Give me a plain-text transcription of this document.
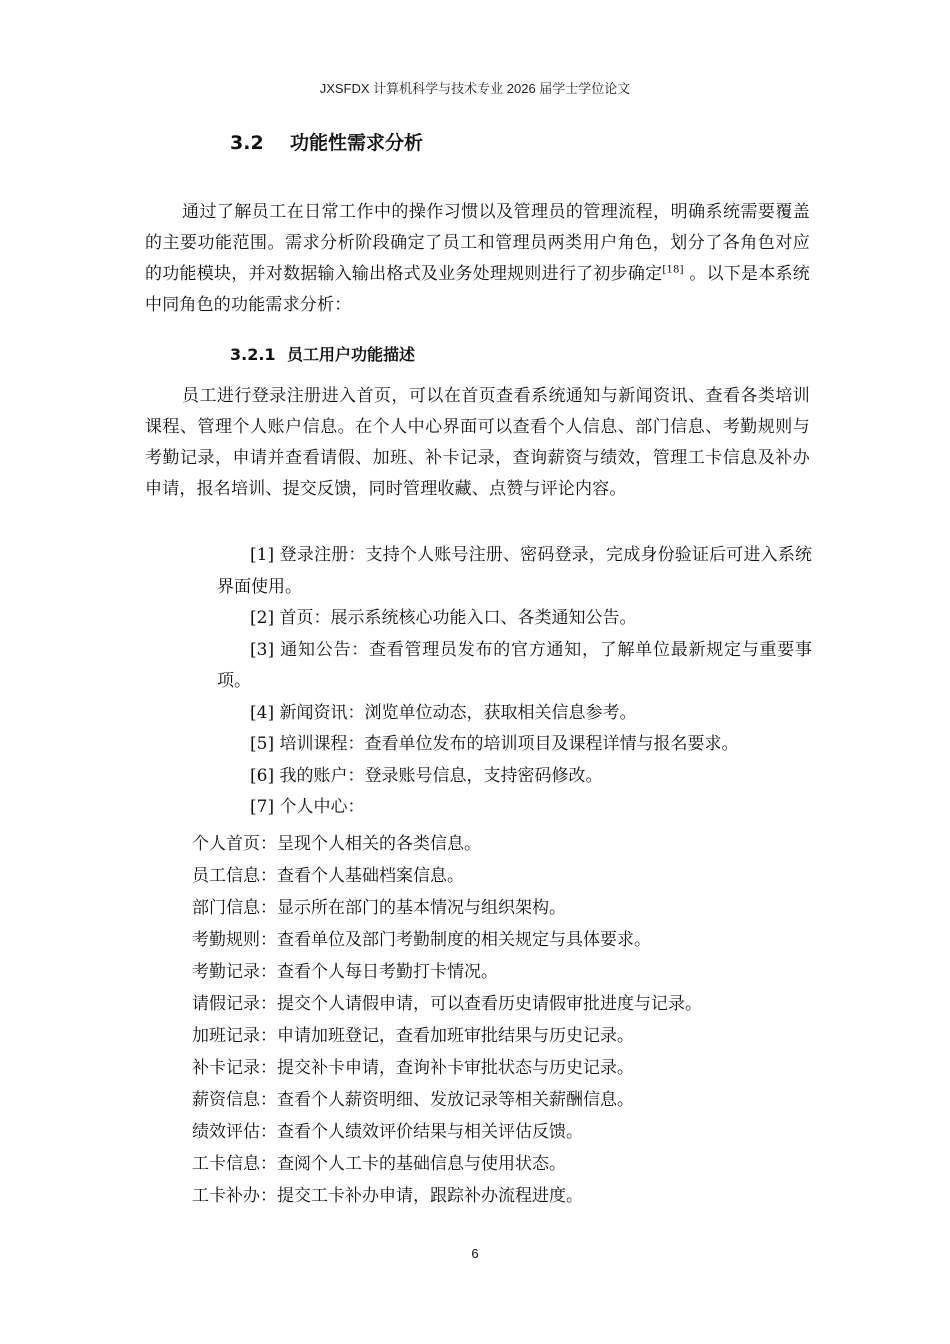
JXSFDX 计算机科学与技术专业 2026 届学士学位论文
3.2 功能性需求分析
通过了解员工在日常工作中的操作习惯以及管理员的管理流程，明确系统需要覆盖的主要功能范围。需求分析阶段确定了员工和管理员两类用户角色，划分了各角色对应的功能模块，并对数据输入输出格式及业务处理规则进行了初步确定[18] 。以下是本系统中同角色的功能需求分析：
3.2.1 员工用户功能描述
员工进行登录注册进入首页，可以在首页查看系统通知与新闻资讯、查看各类培训课程、管理个人账户信息。在个人中心界面可以查看个人信息、部门信息、考勤规则与考勤记录，申请并查看请假、加班、补卡记录，查询薪资与绩效，管理工卡信息及补办申请，报名培训、提交反馈，同时管理收藏、点赞与评论内容。
[1] 登录注册：支持个人账号注册、密码登录，完成身份验证后可进入系统界面使用。
[2] 首页：展示系统核心功能入口、各类通知公告。
[3] 通知公告：查看管理员发布的官方通知，了解单位最新规定与重要事项。
[4] 新闻资讯：浏览单位动态，获取相关信息参考。
[5] 培训课程：查看单位发布的培训项目及课程详情与报名要求。
[6] 我的账户：登录账号信息，支持密码修改。
[7] 个人中心：
个人首页：呈现个人相关的各类信息。
员工信息：查看个人基础档案信息。
部门信息：显示所在部门的基本情况与组织架构。
考勤规则：查看单位及部门考勤制度的相关规定与具体要求。
考勤记录：查看个人每日考勤打卡情况。
请假记录：提交个人请假申请，可以查看历史请假审批进度与记录。
加班记录：申请加班登记，查看加班审批结果与历史记录。
补卡记录：提交补卡申请，查询补卡审批状态与历史记录。
薪资信息：查看个人薪资明细、发放记录等相关薪酬信息。
绩效评估：查看个人绩效评价结果与相关评估反馈。
工卡信息：查阅个人工卡的基础信息与使用状态。
工卡补办：提交工卡补办申请，跟踪补办流程进度。
6
